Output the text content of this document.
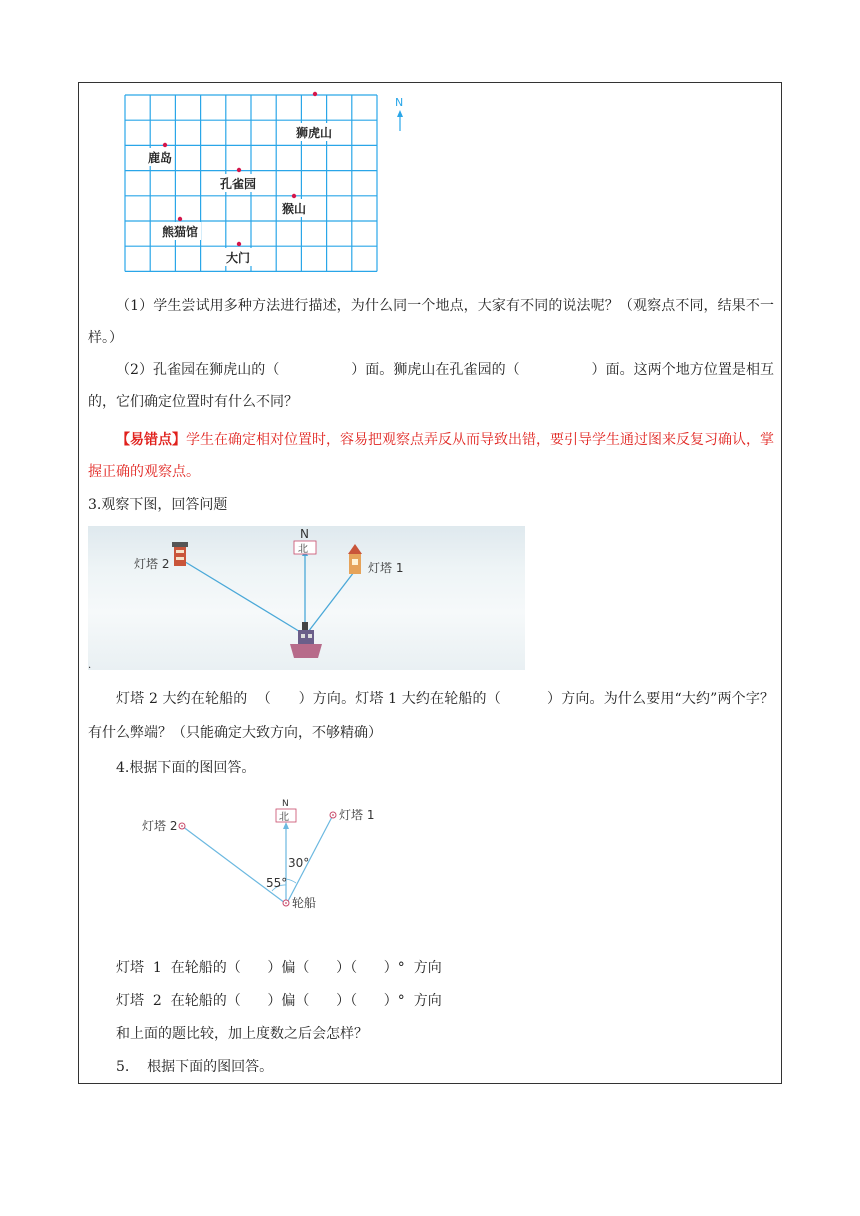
狮虎山
鹿岛
孔雀园
猴山
熊猫馆
大门
N
（1）学生尝试用多种方法进行描述，为什么同一个地点，大家有不同的说法呢？（观察点不同，结果不一样。）
（2）孔雀园在狮虎山的（                ）面。狮虎山在孔雀园的（                ）面。这两个地方位置是相互的，它们确定位置时有什么不同？
【易错点】学生在确定相对位置时，容易把观察点弄反从而导致出错，要引导学生通过图来反复习确认，掌握正确的观察点。
3.观察下图，回答问题
N
北
灯塔 2	灯塔 1
.
灯塔 2 大约在轮船的  （      ）方向。灯塔 1 大约在轮船的（          ）方向。为什么要用“大约”两个字？有什么弊端？（只能确定大致方向，不够精确）
4.根据下面的图回答。
N
北
灯塔 2
灯塔 1
轮船
30°
55°
灯塔  1  在轮船的（      ）偏（      ）（      ）°  方向
灯塔  2  在轮船的（      ）偏（      ）（      ）°  方向
和上面的题比较，加上度数之后会怎样？
5.    根据下面的图回答。
